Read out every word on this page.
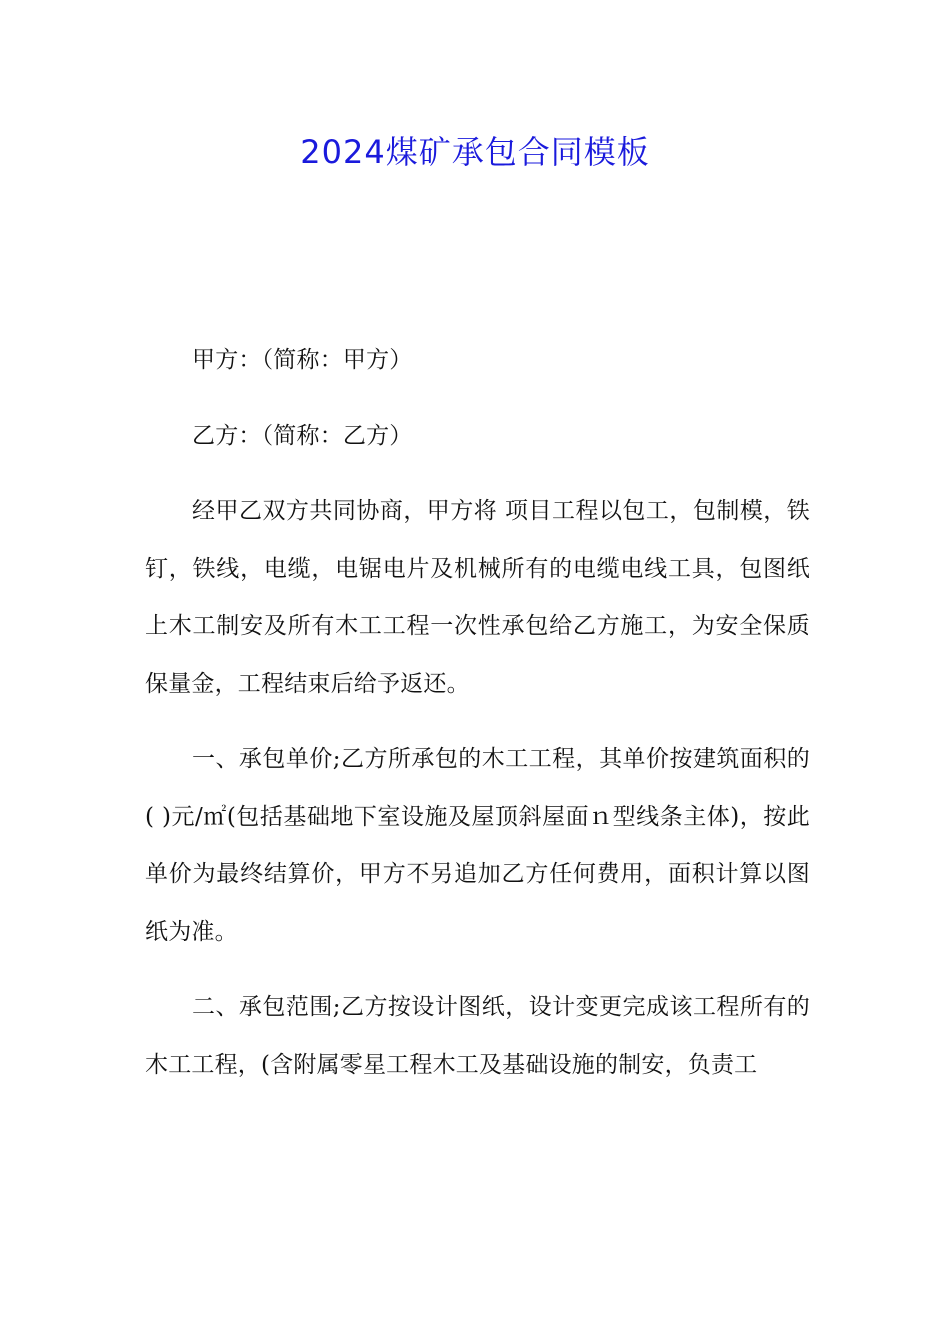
2024煤矿承包合同模板

甲方：（简称：甲方）

乙方：（简称：乙方）

经甲乙双方共同协商，甲方将 项目工程以包工，包制模，铁钉，铁线，电缆，电锯电片及机械所有的电缆电线工具，包图纸上木工制安及所有木工工程一次性承包给乙方施工，为安全保质保量金，工程结束后给予返还。

一、承包单价;乙方所承包的木工工程，其单价按建筑面积的( )元/㎡(包括基础地下室设施及屋顶斜屋面ｎ型线条主体)，按此单价为最终结算价，甲方不另追加乙方任何费用，面积计算以图纸为准。

二、承包范围;乙方按设计图纸，设计变更完成该工程所有的木工工程，(含附属零星工程木工及基础设施的制安，负责工
